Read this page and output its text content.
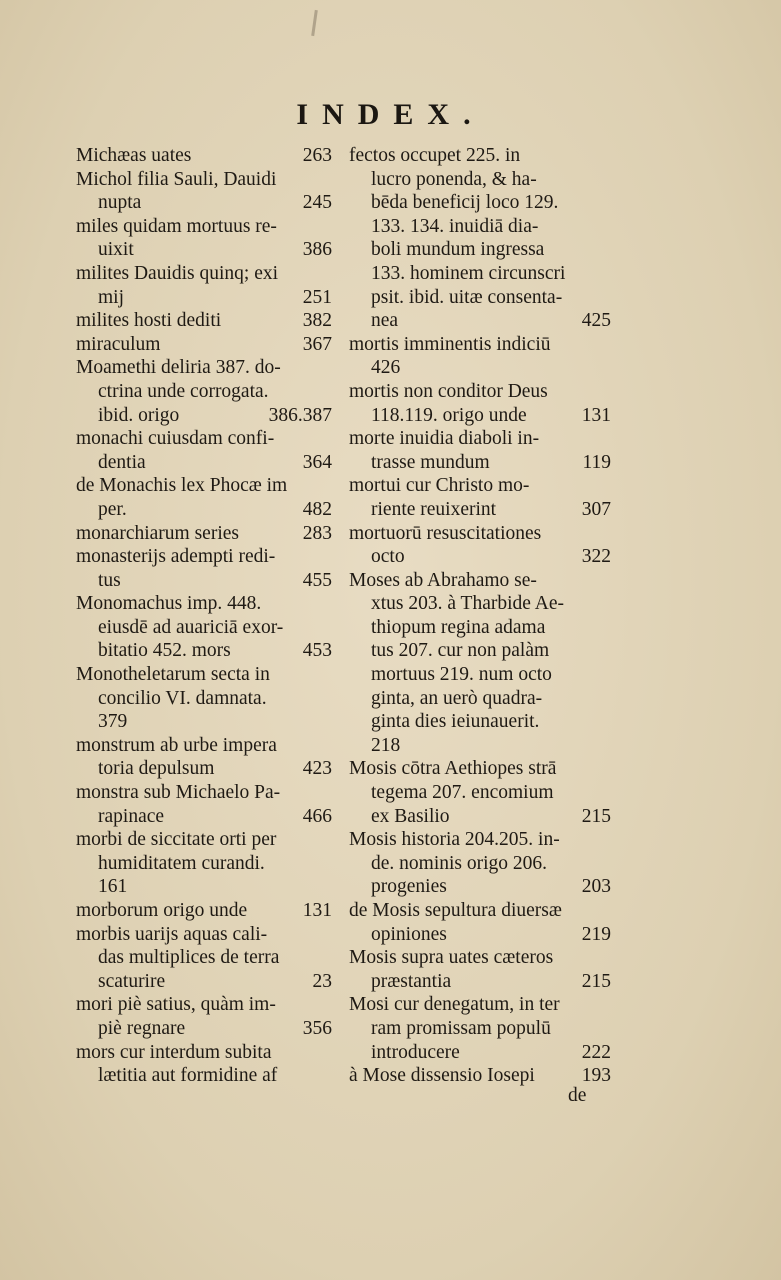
INDEX.
Michæas uates	263
Michol filia Sauli, Dauidi
nupta	245
miles quidam mortuus re-
uixit	386
milites Dauidis quinq; exi
mij	251
milites hosti dediti	382
miraculum	367
Moamethi deliria 387. do-
ctrina unde corrogata.
ibid. origo	386.387
monachi cuiusdam confi-
dentia	364
de Monachis lex Phocæ im
per.	482
monarchiarum series	283
monasterijs adempti redi-
tus	455
Monomachus imp. 448.
eiusdē ad auariciā exor-
bitatio 452. mors	453
Monotheletarum secta in
concilio VI. damnata.
379
monstrum ab urbe impera
toria depulsum	423
monstra sub Michaelo Pa-
rapinace	466
morbi de siccitate orti per
humiditatem curandi.
161
morborum origo unde	131
morbis uarijs aquas cali-
das multiplices de terra
scaturire	23
mori piè satius, quàm im-
piè regnare	356
mors cur interdum subita
lætitia aut formidine af
fectos occupet 225. in
lucro ponenda, & ha-
bēda beneficij loco 129.
133. 134. inuidiā dia-
boli mundum ingressa
133. hominem circunscri
psit. ibid. uitæ consenta-
nea	425
mortis imminentis indiciū
426
mortis non conditor Deus
118.119. origo unde	131
morte inuidia diaboli in-
trasse mundum	119
mortui cur Christo mo-
riente reuixerint	307
mortuorū resuscitationes
octo	322
Moses ab Abrahamo se-
xtus 203. à Tharbide Ae-
thiopum regina adama
tus 207. cur non palàm
mortuus 219. num octo
ginta, an uerò quadra-
ginta dies ieiunauerit.
218
Mosis cōtra Aethiopes strā
tegema 207. encomium
ex Basilio	215
Mosis historia 204.205. in-
de. nominis origo 206.
progenies	203
de Mosis sepultura diuersæ
opiniones	219
Mosis supra uates cæteros
præstantia	215
Mosi cur denegatum, in ter
ram promissam populū
introducere	222
à Mose dissensio Iosepi	193
de
